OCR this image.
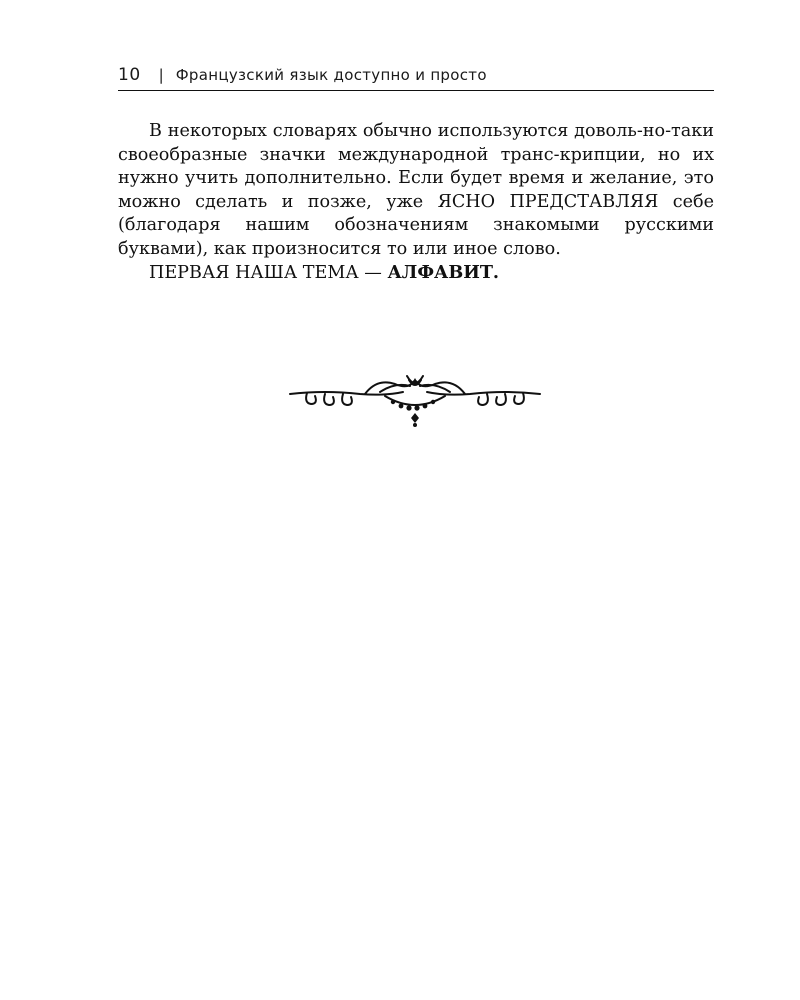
10 | Французский язык доступно и просто

В некоторых словарях обычно используются доволь-но-таки своеобразные значки международной транс-крипции, но их нужно учить дополнительно. Если будет время и желание, это можно сделать и позже, уже ЯСНО ПРЕДСТАВЛЯЯ себе (благодаря нашим обозначениям знакомыми русскими буквами), как произносится то или иное слово.

ПЕРВАЯ НАША ТЕМА — АЛФАВИТ.
